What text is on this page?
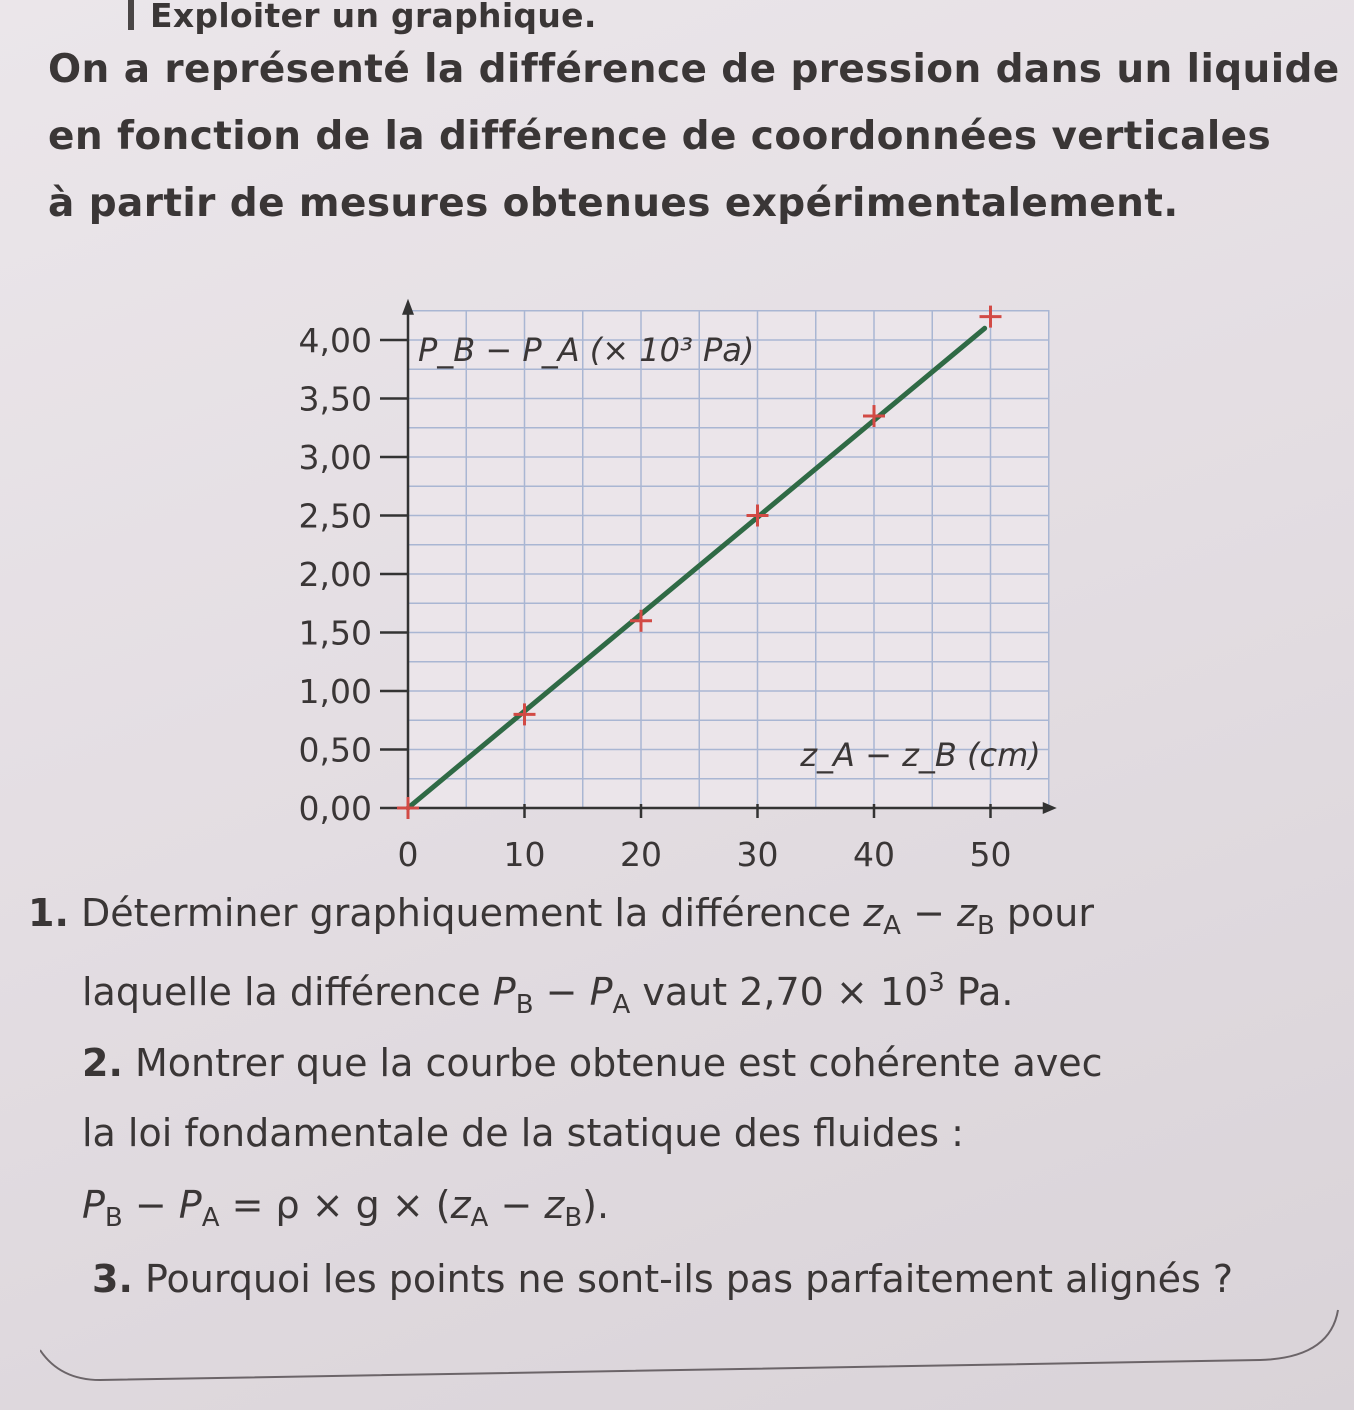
Exploiter un graphique.
On a représenté la différence de pression dans un liquide
en fonction de la différence de coordonnées verticales
à partir de mesures obtenues expérimentalement.
0,00
0,50
1,00
1,50
2,00
2,50
3,00
3,50
4,00
0	10 20 30 40 50
P_B − P_A (× 10³ Pa)
z_A − z_B (cm)
1. Déterminer graphiquement la différence $z_A - z_B$ pour
laquelle la différence $P_B - P_A$ vaut $2,70 \times 10^3$ Pa.
2. Montrer que la courbe obtenue est cohérente avec
la loi fondamentale de la statique des fluides :
$P_B - P_A = \rho \times g \times (z_A - z_B)$.
3. Pourquoi les points ne sont-ils pas parfaitement alignés ?
